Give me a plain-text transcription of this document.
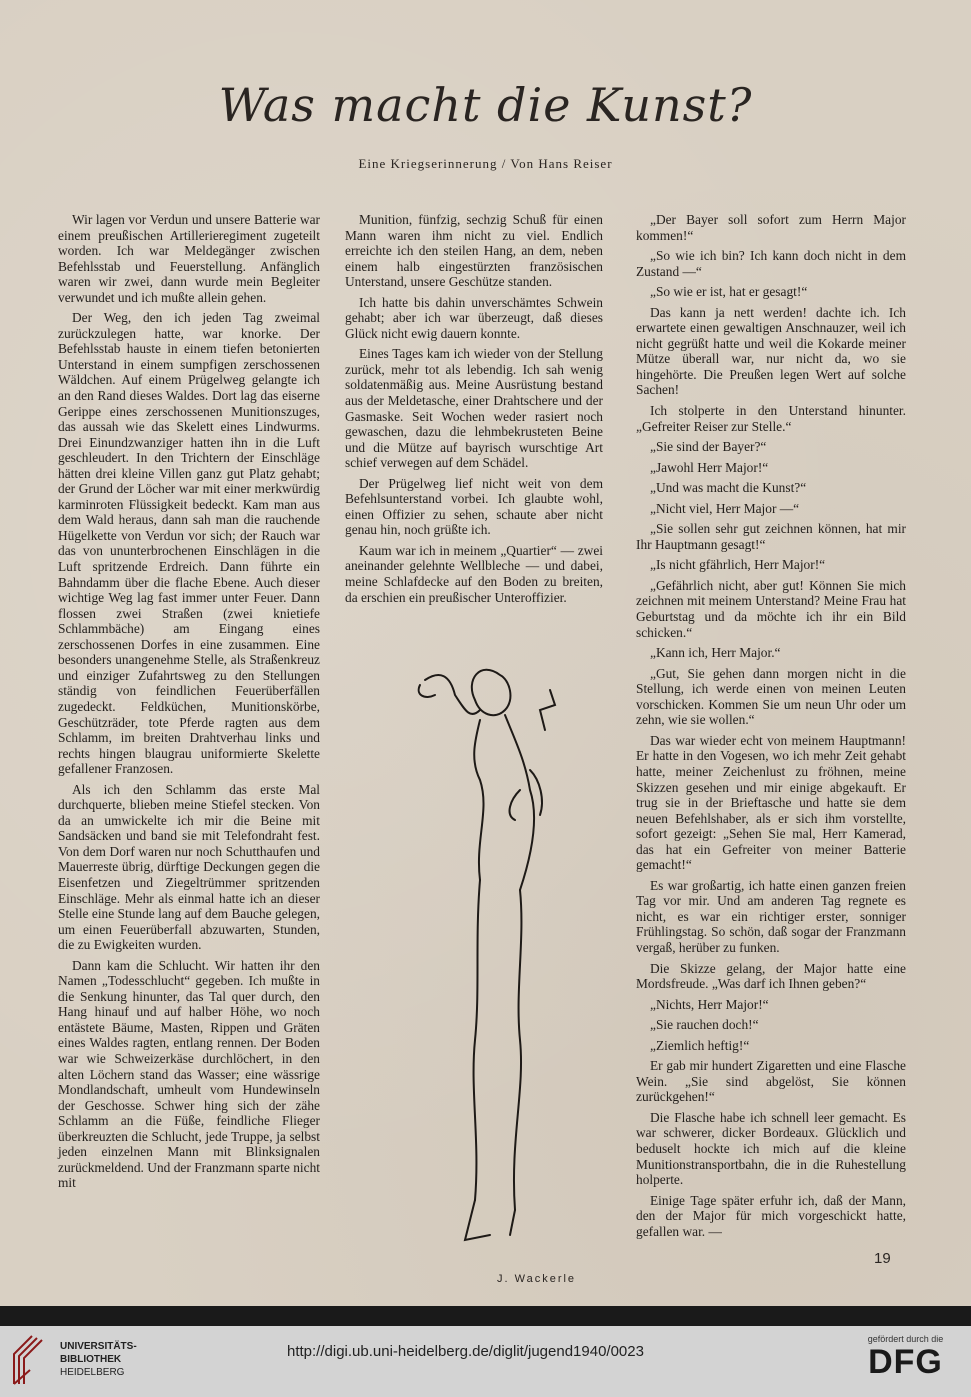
Was macht die Kunst?
Eine Kriegserinnerung / Von Hans Reiser

Wir lagen vor Verdun und unsere Batterie war einem preußischen Artillerieregiment zugeteilt worden. Ich war Meldegänger zwischen Befehlsstab und Feuerstellung. Anfänglich waren wir zwei, dann wurde mein Begleiter verwundet und ich mußte allein gehen.

Der Weg, den ich jeden Tag zweimal zurückzulegen hatte, war knorke. Der Befehlsstab hauste in einem tiefen betonierten Unterstand in einem sumpfigen zerschossenen Wäldchen. Auf einem Prügelweg gelangte ich an den Rand dieses Waldes. Dort lag das eiserne Gerippe eines zerschossenen Munitionszuges, das aussah wie das Skelett eines Lindwurms. Drei Einundzwanziger hatten ihn in die Luft geschleudert. In den Trichtern der Einschläge hätten drei kleine Villen ganz gut Platz gehabt; der Grund der Löcher war mit einer merkwürdig karminroten Flüssigkeit bedeckt. Kam man aus dem Wald heraus, dann sah man die rauchende Hügelkette von Verdun vor sich; der Rauch war das von ununterbrochenen Einschlägen in die Luft spritzende Erdreich. Dann führte ein Bahndamm über die flache Ebene. Auch dieser wichtige Weg lag fast immer unter Feuer. Dann flossen zwei Straßen (zwei knietiefe Schlammbäche) am Eingang eines zerschossenen Dorfes in eine zusammen. Eine besonders unangenehme Stelle, als Straßenkreuz und einziger Zufahrtsweg zu den Stellungen ständig von feindlichen Feuerüberfällen zugedeckt. Feldküchen, Munitionskörbe, Geschützräder, tote Pferde ragten aus dem Schlamm, im breiten Drahtverhau links und rechts hingen blaugrau uniformierte Skelette gefallener Franzosen.

Als ich den Schlamm das erste Mal durchquerte, blieben meine Stiefel stecken. Von da an umwickelte ich mir die Beine mit Sandsäcken und band sie mit Telefondraht fest. Von dem Dorf waren nur noch Schutthaufen und Mauerreste übrig, dürftige Deckungen gegen die Eisenfetzen und Ziegeltrümmer spritzenden Einschläge. Mehr als einmal hatte ich an dieser Stelle eine Stunde lang auf dem Bauche gelegen, um einen Feuerüberfall abzuwarten, Stunden, die zu Ewigkeiten wurden.

Dann kam die Schlucht. Wir hatten ihr den Namen „Todesschlucht“ gegeben. Ich mußte in die Senkung hinunter, das Tal quer durch, den Hang hinauf und auf halber Höhe, wo noch entästete Bäume, Masten, Rippen und Gräten eines Waldes ragten, entlang rennen. Der Boden war wie Schweizerkäse durchlöchert, in den alten Löchern stand das Wasser; eine wässrige Mondlandschaft, umheult vom Hundewinseln der Geschosse. Schwer hing sich der zähe Schlamm an die Füße, feindliche Flieger überkreuzten die Schlucht, jede Truppe, ja selbst jeden einzelnen Mann mit Blinksignalen zurückmeldend. Und der Franzmann sparte nicht mit

Munition, fünfzig, sechzig Schuß für einen Mann waren ihm nicht zu viel. Endlich erreichte ich den steilen Hang, an dem, neben einem halb eingestürzten französischen Unterstand, unsere Geschütze standen.

Ich hatte bis dahin unverschämtes Schwein gehabt; aber ich war überzeugt, daß dieses Glück nicht ewig dauern konnte.

Eines Tages kam ich wieder von der Stellung zurück, mehr tot als lebendig. Ich sah wenig soldatenmäßig aus. Meine Ausrüstung bestand aus der Meldetasche, einer Drahtschere und der Gasmaske. Seit Wochen weder rasiert noch gewaschen, dazu die lehmbekrusteten Beine und die Mütze auf bayrisch wurschtige Art schief verwegen auf dem Schädel.

Der Prügelweg lief nicht weit von dem Befehlsunterstand vorbei. Ich glaubte wohl, einen Offizier zu sehen, schaute aber nicht genau hin, noch grüßte ich.

Kaum war ich in meinem „Quartier“ — zwei aneinander gelehnte Wellbleche — und dabei, meine Schlafdecke auf den Boden zu breiten, da erschien ein preußischer Unteroffizier.

„Der Bayer soll sofort zum Herrn Major kommen!“

„So wie ich bin? Ich kann doch nicht in dem Zustand —“

„So wie er ist, hat er gesagt!“

Das kann ja nett werden! dachte ich. Ich erwartete einen gewaltigen Anschnauzer, weil ich nicht gegrüßt hatte und weil die Kokarde meiner Mütze überall war, nur nicht da, wo sie hingehörte. Die Preußen legen Wert auf solche Sachen!

Ich stolperte in den Unterstand hinunter. „Gefreiter Reiser zur Stelle.“

„Sie sind der Bayer?“

„Jawohl Herr Major!“

„Und was macht die Kunst?“

„Nicht viel, Herr Major —“

„Sie sollen sehr gut zeichnen können, hat mir Ihr Hauptmann gesagt!“

„Is nicht gfährlich, Herr Major!“

„Gefährlich nicht, aber gut! Können Sie mich zeichnen mit meinem Unterstand? Meine Frau hat Geburtstag und da möchte ich ihr ein Bild schicken.“

„Kann ich, Herr Major.“

„Gut, Sie gehen dann morgen nicht in die Stellung, ich werde einen von meinen Leuten vorschicken. Kommen Sie um neun Uhr oder um zehn, wie sie wollen.“

Das war wieder echt von meinem Hauptmann! Er hatte in den Vogesen, wo ich mehr Zeit gehabt hatte, meiner Zeichenlust zu fröhnen, meine Skizzen gesehen und mir einige abgekauft. Er trug sie in der Brieftasche und hatte sie dem neuen Befehlshaber, als er sich ihm vorstellte, sofort gezeigt: „Sehen Sie mal, Herr Kamerad, das hat ein Gefreiter von meiner Batterie gemacht!“

Es war großartig, ich hatte einen ganzen freien Tag vor mir. Und am anderen Tag regnete es nicht, es war ein richtiger erster, sonniger Frühlingstag. So schön, daß sogar der Franzmann vergaß, herüber zu funken.

Die Skizze gelang, der Major hatte eine Mordsfreude. „Was darf ich Ihnen geben?“

„Nichts, Herr Major!“

„Sie rauchen doch!“

„Ziemlich heftig!“

Er gab mir hundert Zigaretten und eine Flasche Wein. „Sie sind abgelöst, Sie können zurückgehen!“

Die Flasche habe ich schnell leer gemacht. Es war schwerer, dicker Bordeaux. Glücklich und beduselt hockte ich mich auf die kleine Munitionstransportbahn, die in die Ruhestellung holperte.

Einige Tage später erfuhr ich, daß der Mann, den der Major für mich vorgeschickt hatte, gefallen war. —

J. Wackerle
19
UNIVERSITÄTS-
BIBLIOTHEK
HEIDELBERG
http://digi.ub.uni-heidelberg.de/diglit/jugend1940/0023
gefördert durch die
DFG
